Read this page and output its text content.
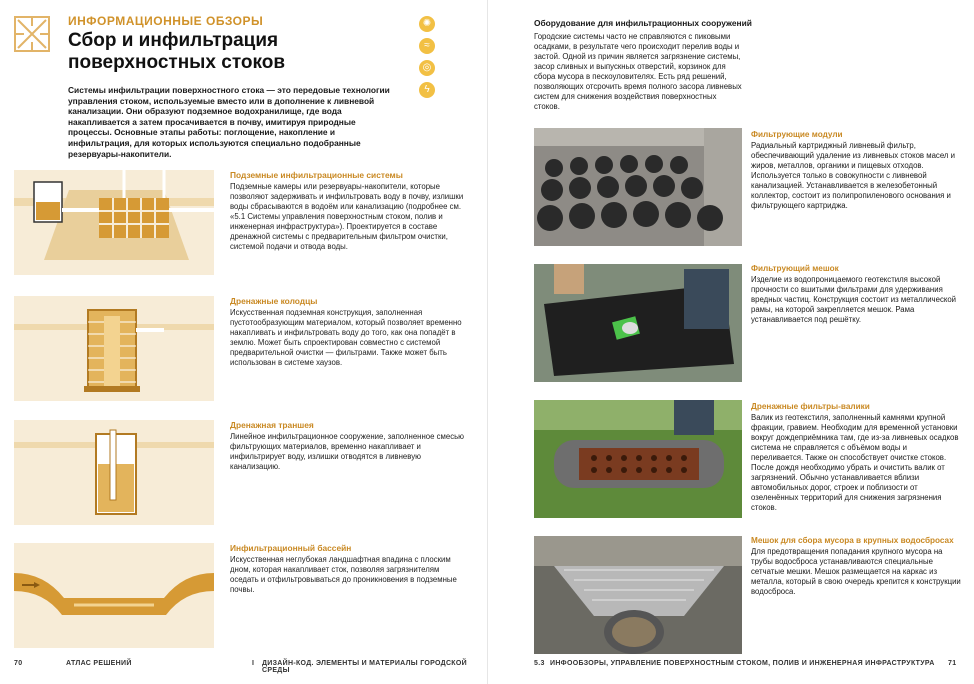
ИНФОРМАЦИОННЫЕ ОБЗОРЫ
Сбор и инфильтрация поверхностных стоков
✺
≈
◎
ϟ
Системы инфильтрации поверхностного стока — это передовые технологии управления стоком, используемые вместо или в дополнение к ливневой канализации. Они образуют подземное водохранилище, где вода накапливается а затем просачивается в почву, имитируя природные процессы. Основные этапы работы: поглощение, накопление и инфильтрация, для которых используются специально подобранные резервуары-накопители.
Подземные инфильтрационные системы
Подземные камеры или резервуары-накопители, которые позволяют задерживать и инфильтровать воду в почву, излишки воды сбрасываются в водоём или канализацию (подробнее см. «5.1 Системы управления поверхностным стоком, полив и инженерная инфраструктура»). Проектируется в составе дренажной системы с предварительным фильтром очистки, системой подачи и отвода воды.
Дренажные колодцы
Искусственная подземная конструкция, заполненная пустотообразующим материалом, который позволяет временно накапливать и инфильтровать воду до того, как она попадёт в землю. Может быть спроектирован совместно с системой предварительной очистки — фильтрами. Также может быть использован в системе хаузов.
Дренажная траншея
Линейное инфильтрационное сооружение, заполненное смесью фильтрующих материалов, временно накапливает и инфильтрирует воду, излишки отводятся в ливневую канализацию.
Инфильтрационный бассейн
Искусственная неглубокая ландшафтная впадина с плоским дном, которая накапливает сток, позволяя загрязнителям оседать и отфильтровываться до проникновения в подземные почвы.
70	АТЛАС РЕШЕНИЙ	I ДИЗАЙН-КОД. ЭЛЕМЕНТЫ И МАТЕРИАЛЫ ГОРОДСКОЙ СРЕДЫ
Оборудование для инфильтрационных сооружений
Городские системы часто не справляются с пиковыми осадками, в результате чего происходит перелив воды и застой. Одной из причин является загрязнение системы, засор сливных и выпускных отверстий, корзинок для сбора мусора в пескоуловителях. Есть ряд решений, позволяющих отсрочить время полного засора ливневых систем для снижения воздействия поверхностных стоков.
Фильтрующие модули
Радиальный картриджный ливневый фильтр, обеспечивающий удаление из ливневых стоков масел и жиров, металлов, органики и пищевых отходов. Используется только в совокупности с ливневой канализацией. Устанавливается в железобетонный коллектор, состоит из полипропиленового основания и фильтрующего картриджа.
Фильтрующий мешок
Изделие из водопроницаемого геотекстиля высокой прочности со вшитыми фильтрами для удерживания вредных частиц. Конструкция состоит из металлической рамы, на которой закрепляется мешок. Рама устанавливается под решётку.
Дренажные фильтры-валики
Валик из геотекстиля, заполненный камнями крупной фракции, гравием. Необходим для временной установки вокруг дождеприёмника там, где из-за ливневых осадков система не справляется с объёмом воды и переливается. Также он способствует очистке стоков. После дождя необходимо убрать и очистить валик от загрязнений. Обычно устанавливается вблизи автомобильных дорог, строек и поблизости от озеленённых территорий для снижения загрязнения стоков.
Мешок для сбора мусора в крупных водосбросах
Для предотвращения попадания крупного мусора на трубы водосброса устанавливаются специальные сетчатые мешки. Мешок размещается на каркас из металла, который в свою очередь крепится к конструкции водосброса.
5.3 ИНФООБЗОРЫ, УПРАВЛЕНИЕ ПОВЕРХНОСТНЫМ СТОКОМ, ПОЛИВ И ИНЖЕНЕРНАЯ ИНФРАСТРУКТУРА 71
